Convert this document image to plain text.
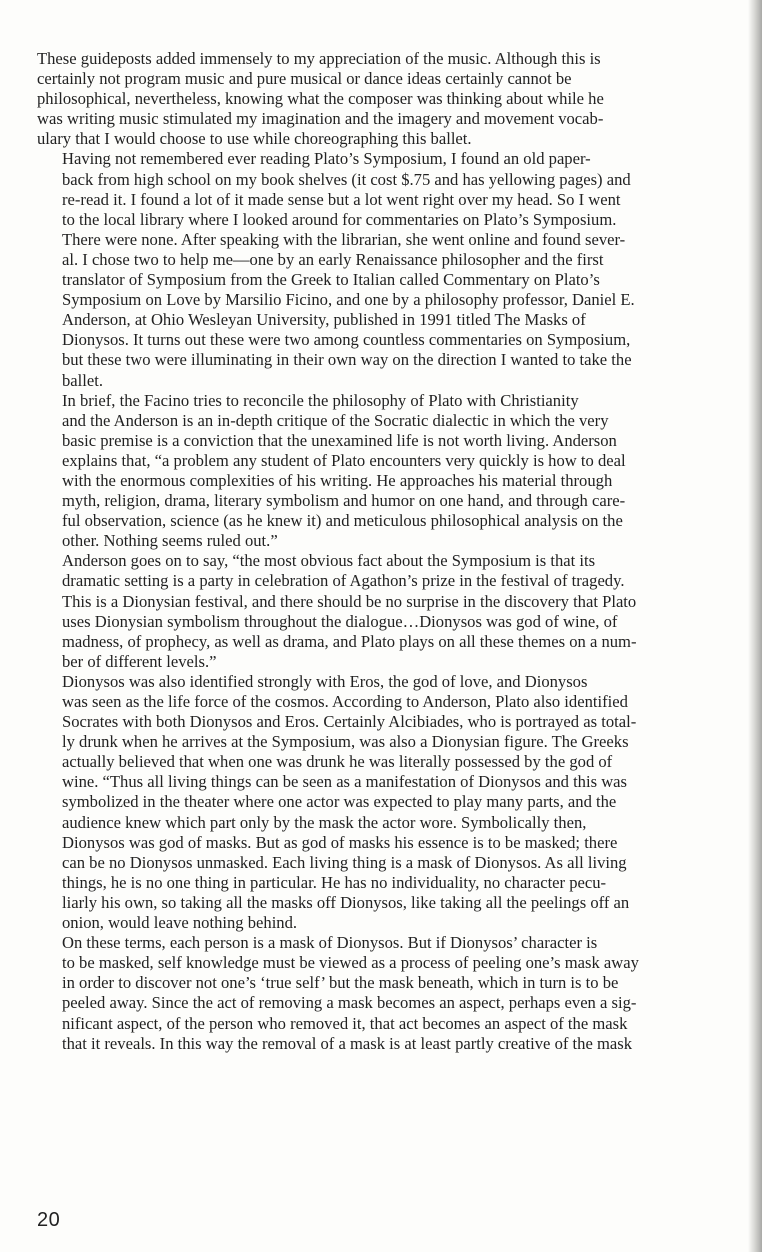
These guideposts added immensely to my appreciation of the music. Although this is
certainly not program music and pure musical or dance ideas certainly cannot be
philosophical, nevertheless, knowing what the composer was thinking about while he
was writing music stimulated my imagination and the imagery and movement vocab-
ulary that I would choose to use while choreographing this ballet.

Having not remembered ever reading Plato’s Symposium, I found an old paper-
back from high school on my book shelves (it cost $.75 and has yellowing pages) and
re-read it. I found a lot of it made sense but a lot went right over my head. So I went
to the local library where I looked around for commentaries on Plato’s Symposium.
There were none. After speaking with the librarian, she went online and found sever-
al. I chose two to help me—one by an early Renaissance philosopher and the first
translator of Symposium from the Greek to Italian called Commentary on Plato’s
Symposium on Love by Marsilio Ficino, and one by a philosophy professor, Daniel E.
Anderson, at Ohio Wesleyan University, published in 1991 titled The Masks of
Dionysos. It turns out these were two among countless commentaries on Symposium,
but these two were illuminating in their own way on the direction I wanted to take the
ballet.

In brief, the Facino tries to reconcile the philosophy of Plato with Christianity
and the Anderson is an in-depth critique of the Socratic dialectic in which the very
basic premise is a conviction that the unexamined life is not worth living. Anderson
explains that, “a problem any student of Plato encounters very quickly is how to deal
with the enormous complexities of his writing. He approaches his material through
myth, religion, drama, literary symbolism and humor on one hand, and through care-
ful observation, science (as he knew it) and meticulous philosophical analysis on the
other. Nothing seems ruled out.”

Anderson goes on to say, “the most obvious fact about the Symposium is that its
dramatic setting is a party in celebration of Agathon’s prize in the festival of tragedy.
This is a Dionysian festival, and there should be no surprise in the discovery that Plato
uses Dionysian symbolism throughout the dialogue…Dionysos was god of wine, of
madness, of prophecy, as well as drama, and Plato plays on all these themes on a num-
ber of different levels.”

Dionysos was also identified strongly with Eros, the god of love, and Dionysos
was seen as the life force of the cosmos. According to Anderson, Plato also identified
Socrates with both Dionysos and Eros. Certainly Alcibiades, who is portrayed as total-
ly drunk when he arrives at the Symposium, was also a Dionysian figure. The Greeks
actually believed that when one was drunk he was literally possessed by the god of
wine. “Thus all living things can be seen as a manifestation of Dionysos and this was
symbolized in the theater where one actor was expected to play many parts, and the
audience knew which part only by the mask the actor wore. Symbolically then,
Dionysos was god of masks. But as god of masks his essence is to be masked; there
can be no Dionysos unmasked. Each living thing is a mask of Dionysos. As all living
things, he is no one thing in particular. He has no individuality, no character pecu-
liarly his own, so taking all the masks off Dionysos, like taking all the peelings off an
onion, would leave nothing behind.

On these terms, each person is a mask of Dionysos. But if Dionysos’ character is
to be masked, self knowledge must be viewed as a process of peeling one’s mask away
in order to discover not one’s ‘true self’ but the mask beneath, which in turn is to be
peeled away. Since the act of removing a mask becomes an aspect, perhaps even a sig-
nificant aspect, of the person who removed it, that act becomes an aspect of the mask
that it reveals. In this way the removal of a mask is at least partly creative of the mask

20
